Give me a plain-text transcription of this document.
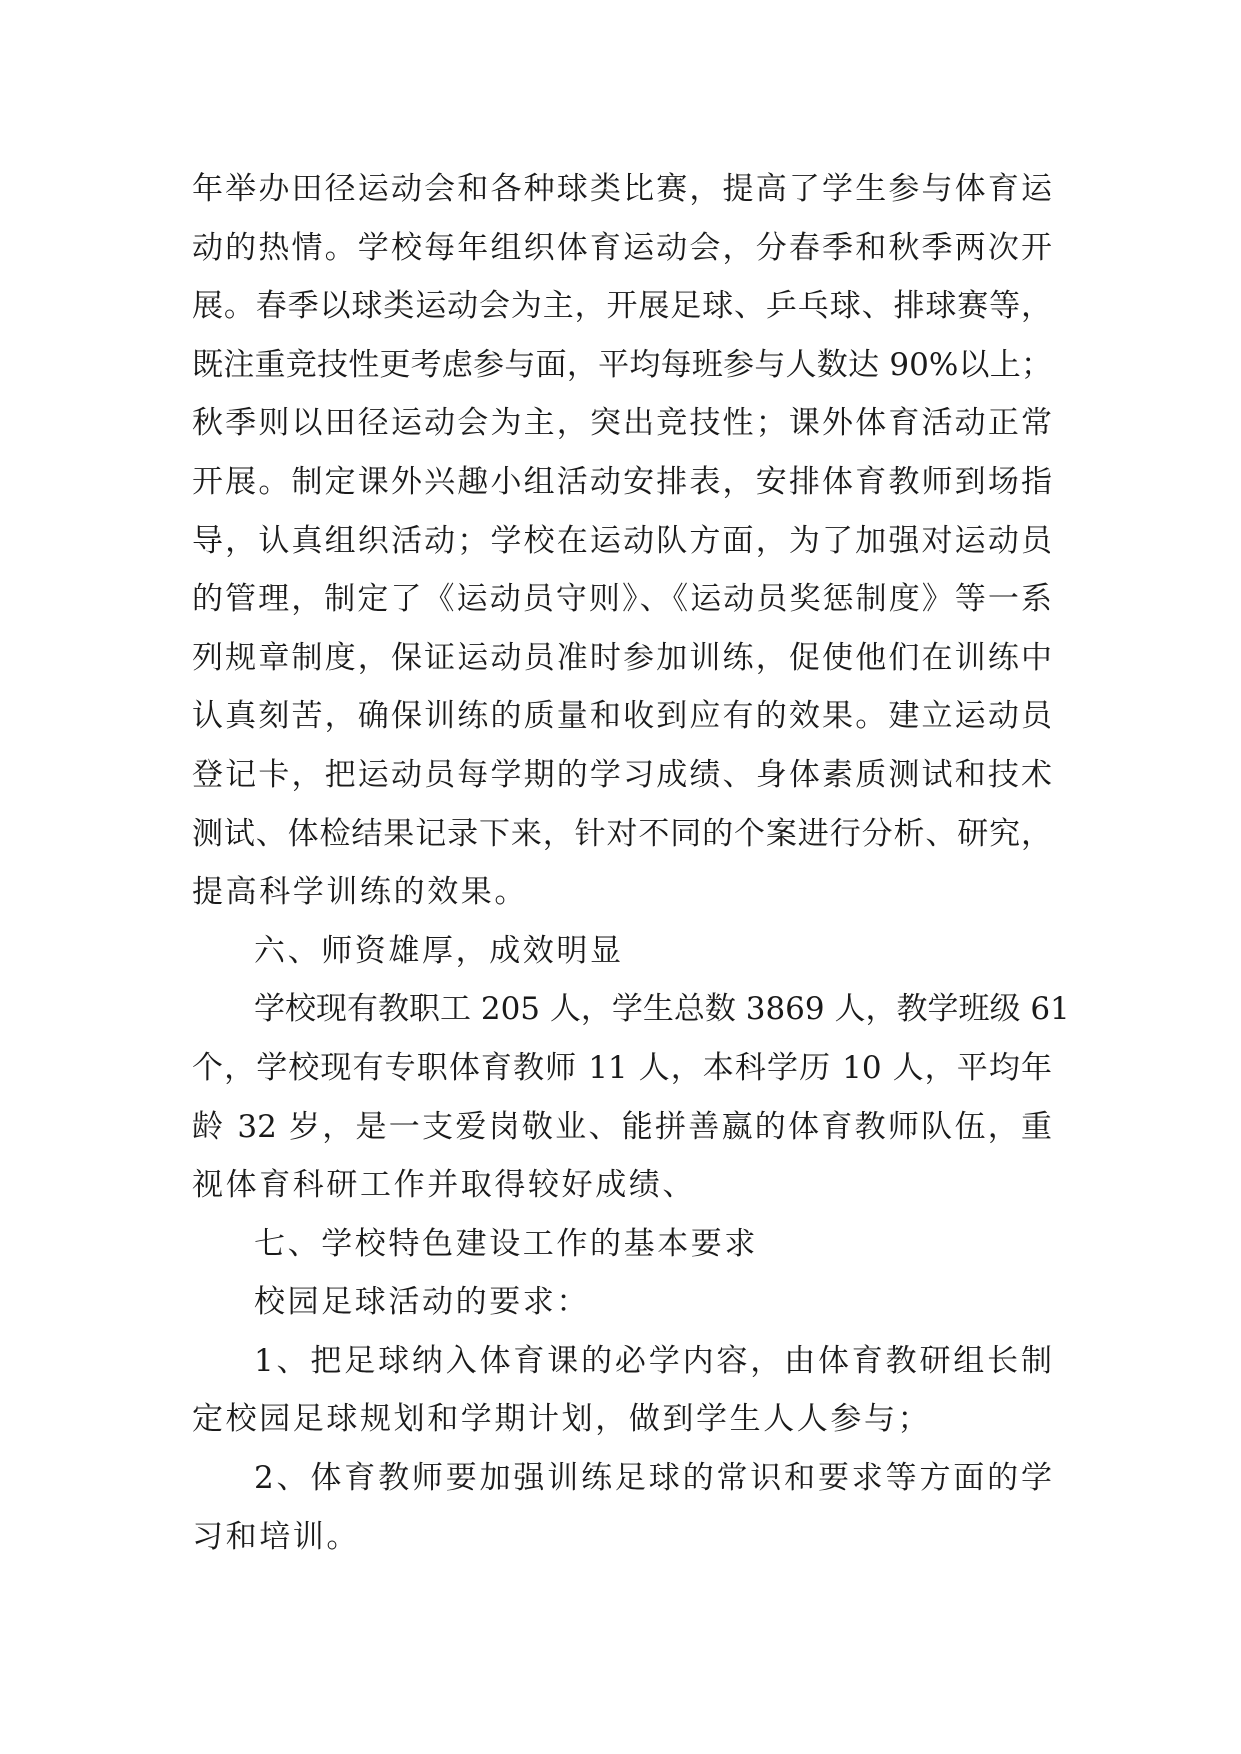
年举办田径运动会和各种球类比赛，提高了学生参与体育运
动的热情。学校每年组织体育运动会，分春季和秋季两次开
展。春季以球类运动会为主，开展足球、乒乓球、排球赛等，
既注重竞技性更考虑参与面，平均每班参与人数达 90%以上；
秋季则以田径运动会为主，突出竞技性；课外体育活动正常
开展。制定课外兴趣小组活动安排表，安排体育教师到场指
导，认真组织活动；学校在运动队方面，为了加强对运动员
的管理，制定了《运动员守则》、《运动员奖惩制度》等一系
列规章制度，保证运动员准时参加训练，促使他们在训练中
认真刻苦，确保训练的质量和收到应有的效果。建立运动员
登记卡，把运动员每学期的学习成绩、身体素质测试和技术
测试、体检结果记录下来，针对不同的个案进行分析、研究，
提高科学训练的效果。
六、师资雄厚，成效明显
学校现有教职工 205 人，学生总数 3869 人，教学班级 61
个，学校现有专职体育教师 11 人，本科学历 10 人，平均年
龄 32 岁，是一支爱岗敬业、能拼善嬴的体育教师队伍，重
视体育科研工作并取得较好成绩、
七、学校特色建设工作的基本要求
校园足球活动的要求：
1、把足球纳入体育课的必学内容，由体育教研组长制
定校园足球规划和学期计划，做到学生人人参与；
2、体育教师要加强训练足球的常识和要求等方面的学
习和培训。
